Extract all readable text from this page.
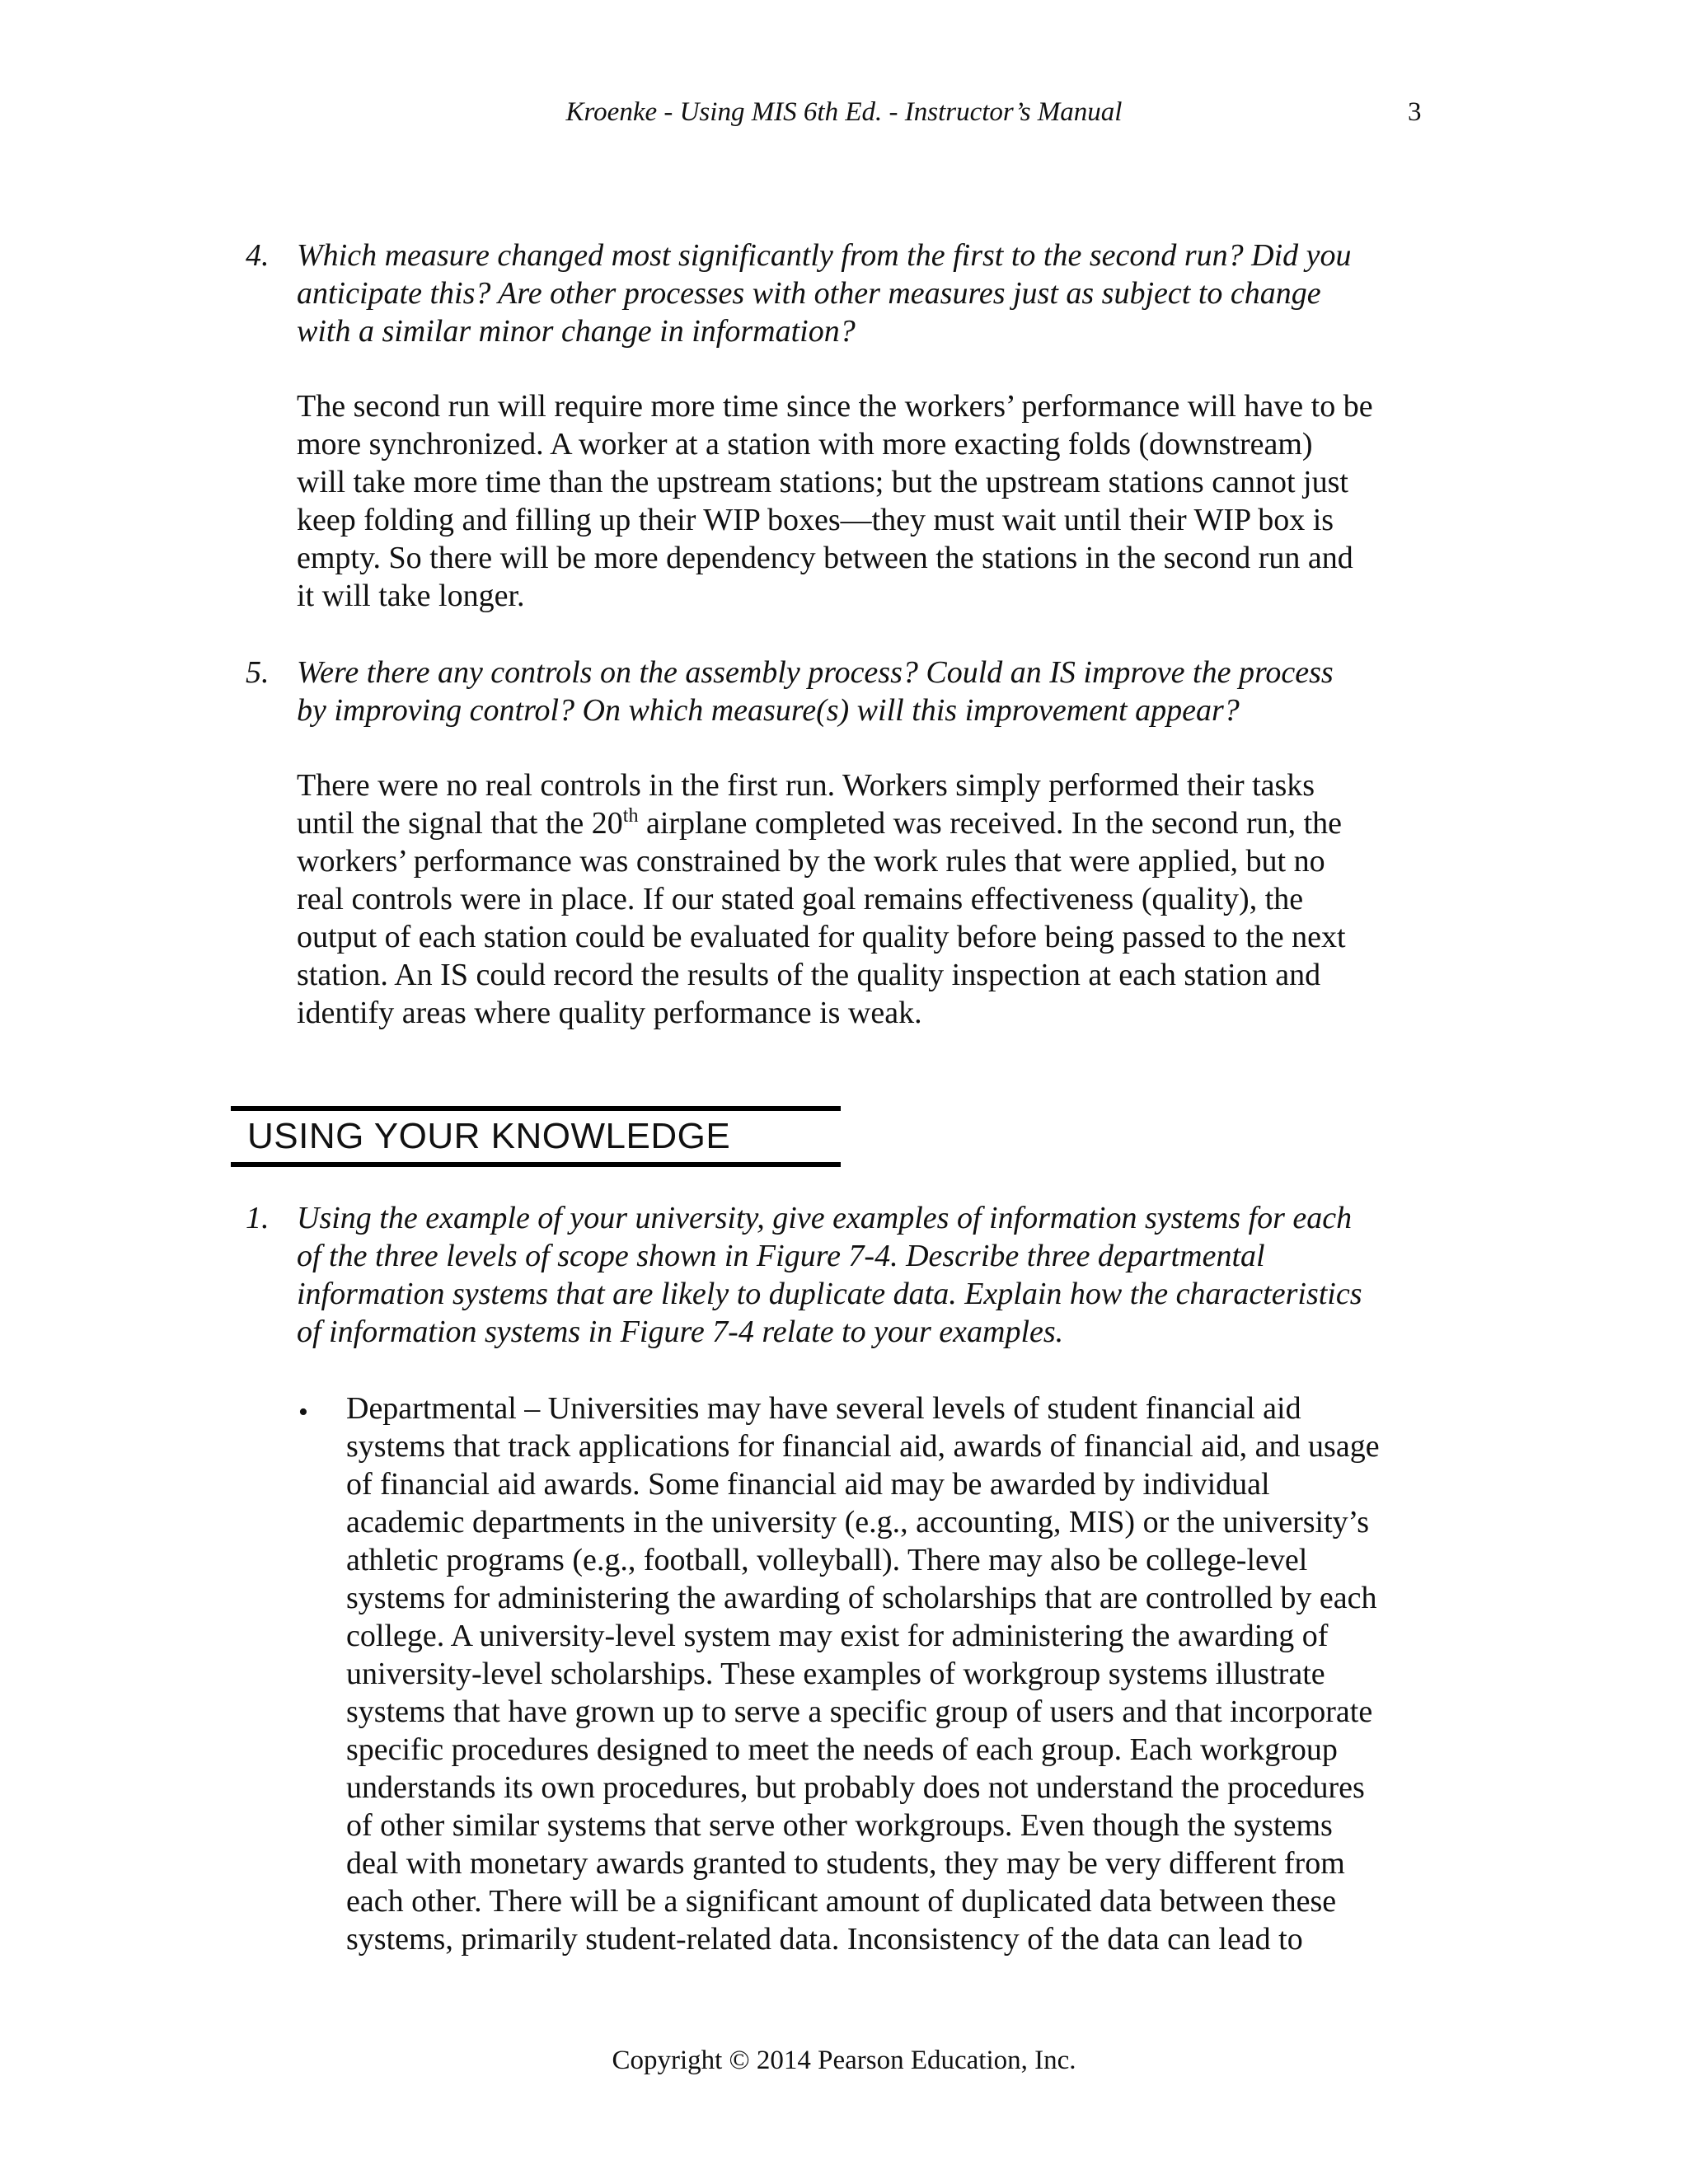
Kroenke - Using MIS 6th Ed. - Instructor’s Manual	3
4. Which measure changed most significantly from the first to the second run? Did you
anticipate this? Are other processes with other measures just as subject to change
with a similar minor change in information?
The second run will require more time since the workers’ performance will have to be
more synchronized. A worker at a station with more exacting folds (downstream)
will take more time than the upstream stations; but the upstream stations cannot just
keep folding and filling up their WIP boxes—they must wait until their WIP box is
empty. So there will be more dependency between the stations in the second run and
it will take longer.
5. Were there any controls on the assembly process? Could an IS improve the process
by improving control? On which measure(s) will this improvement appear?
There were no real controls in the first run. Workers simply performed their tasks
until the signal that the 20th airplane completed was received. In the second run, the
workers’ performance was constrained by the work rules that were applied, but no
real controls were in place. If our stated goal remains effectiveness (quality), the
output of each station could be evaluated for quality before being passed to the next
station. An IS could record the results of the quality inspection at each station and
identify areas where quality performance is weak.
USING YOUR KNOWLEDGE
1. Using the example of your university, give examples of information systems for each
of the three levels of scope shown in Figure 7-4. Describe three departmental
information systems that are likely to duplicate data. Explain how the characteristics
of information systems in Figure 7-4 relate to your examples.
• Departmental – Universities may have several levels of student financial aid
systems that track applications for financial aid, awards of financial aid, and usage
of financial aid awards. Some financial aid may be awarded by individual
academic departments in the university (e.g., accounting, MIS) or the university’s
athletic programs (e.g., football, volleyball). There may also be college-level
systems for administering the awarding of scholarships that are controlled by each
college. A university-level system may exist for administering the awarding of
university-level scholarships. These examples of workgroup systems illustrate
systems that have grown up to serve a specific group of users and that incorporate
specific procedures designed to meet the needs of each group. Each workgroup
understands its own procedures, but probably does not understand the procedures
of other similar systems that serve other workgroups. Even though the systems
deal with monetary awards granted to students, they may be very different from
each other. There will be a significant amount of duplicated data between these
systems, primarily student-related data. Inconsistency of the data can lead to
Copyright © 2014 Pearson Education, Inc.
